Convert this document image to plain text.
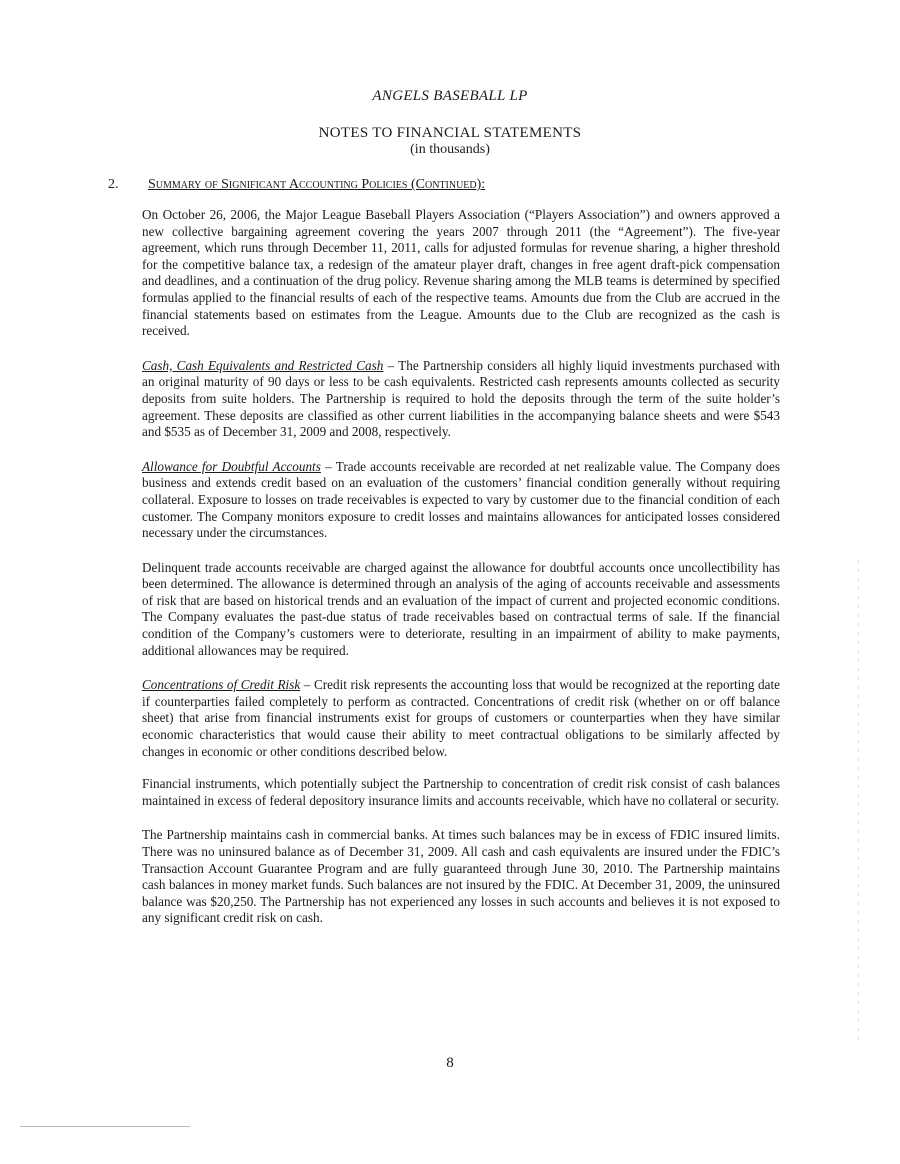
ANGELS BASEBALL LP
NOTES TO FINANCIAL STATEMENTS
(in thousands)
2. Summary of Significant Accounting Policies (Continued):

On October 26, 2006, the Major League Baseball Players Association (“Players Association”) and owners approved a new collective bargaining agreement covering the years 2007 through 2011 (the “Agreement”). The five-year agreement, which runs through December 11, 2011, calls for adjusted formulas for revenue sharing, a higher threshold for the competitive balance tax, a redesign of the amateur player draft, changes in free agent draft-pick compensation and deadlines, and a continuation of the drug policy. Revenue sharing among the MLB teams is determined by specified formulas applied to the financial results of each of the respective teams. Amounts due from the Club are accrued in the financial statements based on estimates from the League. Amounts due to the Club are recognized as the cash is received.

Cash, Cash Equivalents and Restricted Cash – The Partnership considers all highly liquid investments purchased with an original maturity of 90 days or less to be cash equivalents. Restricted cash represents amounts collected as security deposits from suite holders. The Partnership is required to hold the deposits through the term of the suite holder’s agreement. These deposits are classified as other current liabilities in the accompanying balance sheets and were $543 and $535 as of December 31, 2009 and 2008, respectively.

Allowance for Doubtful Accounts – Trade accounts receivable are recorded at net realizable value. The Company does business and extends credit based on an evaluation of the customers’ financial condition generally without requiring collateral. Exposure to losses on trade receivables is expected to vary by customer due to the financial condition of each customer. The Company monitors exposure to credit losses and maintains allowances for anticipated losses considered necessary under the circumstances.

Delinquent trade accounts receivable are charged against the allowance for doubtful accounts once uncollectibility has been determined. The allowance is determined through an analysis of the aging of accounts receivable and assessments of risk that are based on historical trends and an evaluation of the impact of current and projected economic conditions. The Company evaluates the past-due status of trade receivables based on contractual terms of sale. If the financial condition of the Company’s customers were to deteriorate, resulting in an impairment of ability to make payments, additional allowances may be required.

Concentrations of Credit Risk – Credit risk represents the accounting loss that would be recognized at the reporting date if counterparties failed completely to perform as contracted. Concentrations of credit risk (whether on or off balance sheet) that arise from financial instruments exist for groups of customers or counterparties when they have similar economic characteristics that would cause their ability to meet contractual obligations to be similarly affected by changes in economic or other conditions described below.

Financial instruments, which potentially subject the Partnership to concentration of credit risk consist of cash balances maintained in excess of federal depository insurance limits and accounts receivable, which have no collateral or security.

The Partnership maintains cash in commercial banks. At times such balances may be in excess of FDIC insured limits. There was no uninsured balance as of December 31, 2009. All cash and cash equivalents are insured under the FDIC’s Transaction Account Guarantee Program and are fully guaranteed through June 30, 2010. The Partnership maintains cash balances in money market funds. Such balances are not insured by the FDIC. At December 31, 2009, the uninsured balance was $20,250. The Partnership has not experienced any losses in such accounts and believes it is not exposed to any significant credit risk on cash.

8
